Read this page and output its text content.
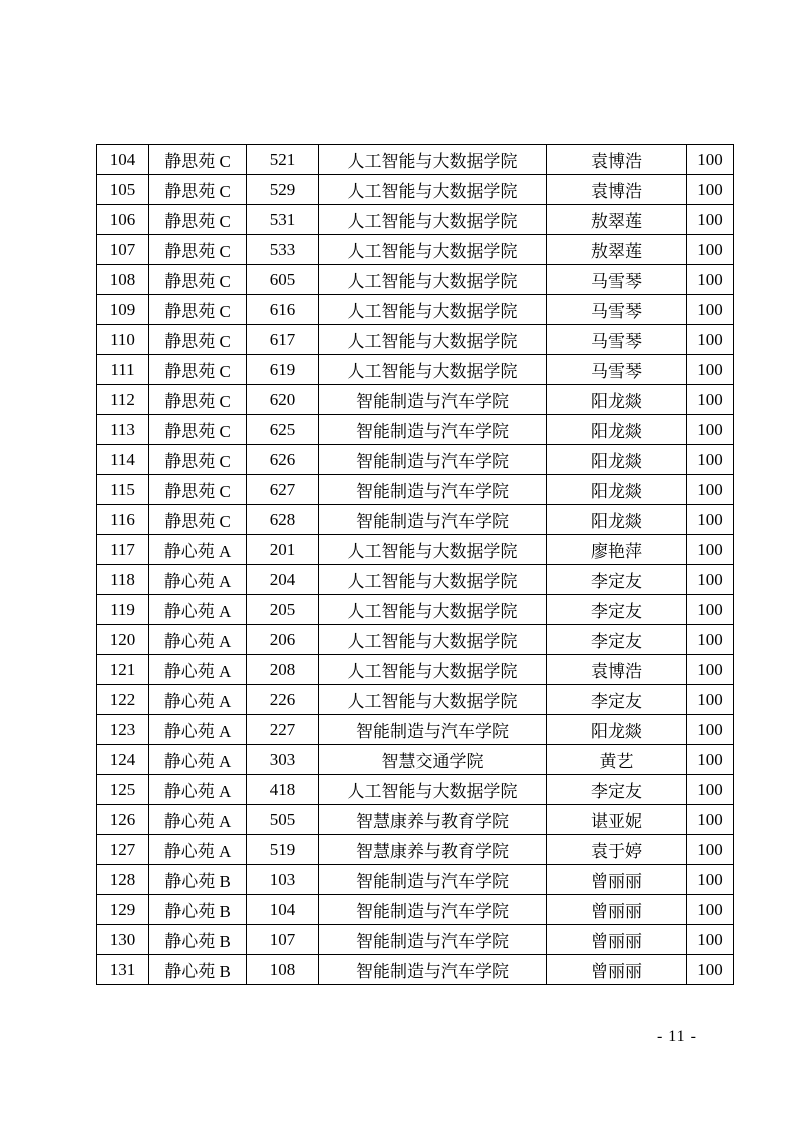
104	静思苑 C	521	人工智能与大数据学院	袁博浩	100
105	静思苑 C	529	人工智能与大数据学院	袁博浩	100
106	静思苑 C	531	人工智能与大数据学院	敖翠莲	100
107	静思苑 C	533	人工智能与大数据学院	敖翠莲	100
108	静思苑 C	605	人工智能与大数据学院	马雪琴	100
109	静思苑 C	616	人工智能与大数据学院	马雪琴	100
110	静思苑 C	617	人工智能与大数据学院	马雪琴	100
111	静思苑 C	619	人工智能与大数据学院	马雪琴	100
112	静思苑 C	620	智能制造与汽车学院	阳龙燚	100
113	静思苑 C	625	智能制造与汽车学院	阳龙燚	100
114	静思苑 C	626	智能制造与汽车学院	阳龙燚	100
115	静思苑 C	627	智能制造与汽车学院	阳龙燚	100
116	静思苑 C	628	智能制造与汽车学院	阳龙燚	100
117	静心苑 A	201	人工智能与大数据学院	廖艳萍	100
118	静心苑 A	204	人工智能与大数据学院	李定友	100
119	静心苑 A	205	人工智能与大数据学院	李定友	100
120	静心苑 A	206	人工智能与大数据学院	李定友	100
121	静心苑 A	208	人工智能与大数据学院	袁博浩	100
122	静心苑 A	226	人工智能与大数据学院	李定友	100
123	静心苑 A	227	智能制造与汽车学院	阳龙燚	100
124	静心苑 A	303	智慧交通学院	黄艺	100
125	静心苑 A	418	人工智能与大数据学院	李定友	100
126	静心苑 A	505	智慧康养与教育学院	谌亚妮	100
127	静心苑 A	519	智慧康养与教育学院	袁于婷	100
128	静心苑 B	103	智能制造与汽车学院	曾丽丽	100
129	静心苑 B	104	智能制造与汽车学院	曾丽丽	100
130	静心苑 B	107	智能制造与汽车学院	曾丽丽	100
131	静心苑 B	108	智能制造与汽车学院	曾丽丽	100
- 11 -
